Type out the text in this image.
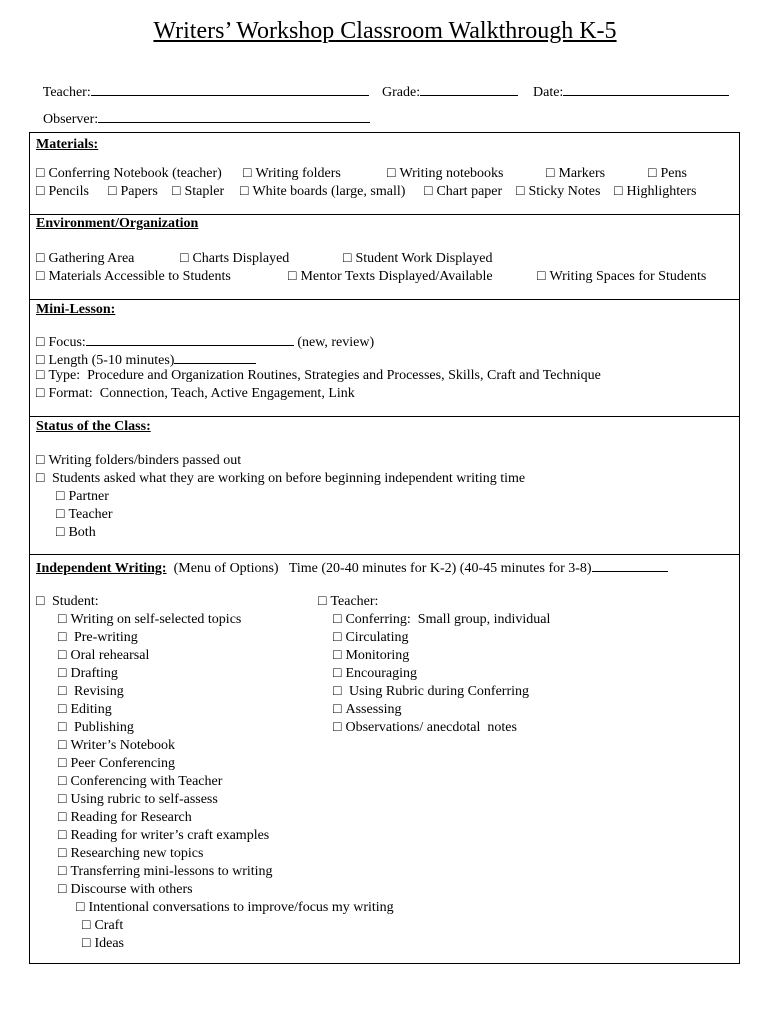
Writers’ Workshop Classroom Walkthrough K-5

Teacher:	Grade:	Date:

Observer:

Materials:
□ Conferring Notebook (teacher) □ Writing folders	□ Writing notebooks	□ Markers	□ Pens
□ Pencils □ Papers □ Stapler □ White boards (large, small) □ Chart paper □ Sticky Notes □ Highlighters
Environment/Organization
□ Gathering Area	□ Charts Displayed	□ Student Work Displayed
□ Materials Accessible to Students	□ Mentor Texts Displayed/Available	□ Writing Spaces for Students
Mini-Lesson:
□ Focus:	(new, review)
□ Length (5-10 minutes)
□ Type:  Procedure and Organization Routines, Strategies and Processes, Skills, Craft and Technique
□ Format:  Connection, Teach, Active Engagement, Link
Status of the Class:
□ Writing folders/binders passed out
□ Students asked what they are working on before beginning independent writing time
□ Partner
□ Teacher
□ Both
Independent Writing: (Menu of Options) Time (20-40 minutes for K-2) (40-45 minutes for 3-8)
□ Student:
□ Writing on self-selected topics
□ Pre-writing
□ Oral rehearsal
□ Drafting
□ Revising
□ Editing
□ Publishing
□ Writer’s Notebook
□ Peer Conferencing
□ Conferencing with Teacher
□ Using rubric to self-assess
□ Reading for Research
□ Reading for writer’s craft examples
□ Researching new topics
□ Transferring mini-lessons to writing
□ Discourse with others
□ Intentional conversations to improve/focus my writing
□ Craft
□ Ideas
□ Teacher:
□ Conferring:  Small group, individual
□ Circulating
□ Monitoring
□ Encouraging
□ Using Rubric during Conferring
□ Assessing
□ Observations/ anecdotal  notes
